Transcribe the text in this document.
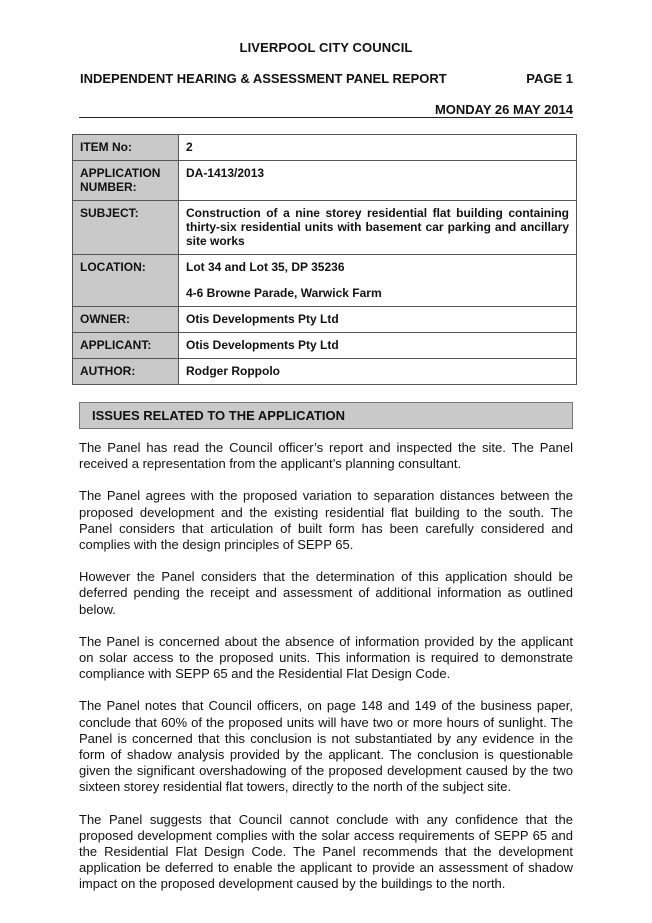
LIVERPOOL CITY COUNCIL
INDEPENDENT HEARING & ASSESSMENT PANEL REPORT	PAGE 1
MONDAY 26 MAY 2014
ITEM No:	2
APPLICATION NUMBER:	DA-1413/2013
SUBJECT:	Construction of a nine storey residential flat building containing thirty-six residential units with basement car parking and ancillary site works
LOCATION:	Lot 34 and Lot 35, DP 35236
4-6 Browne Parade, Warwick Farm

OWNER:	Otis Developments Pty Ltd
APPLICANT:	Otis Developments Pty Ltd
AUTHOR:	Rodger Roppolo
ISSUES RELATED TO THE APPLICATION

The Panel has read the Council officer’s report and inspected the site. The Panel received a representation from the applicant’s planning consultant.

The Panel agrees with the proposed variation to separation distances between the proposed development and the existing residential flat building to the south. The Panel considers that articulation of built form has been carefully considered and complies with the design principles of SEPP 65.

However the Panel considers that the determination of this application should be deferred pending the receipt and assessment of additional information as outlined below.

The Panel is concerned about the absence of information provided by the applicant on solar access to the proposed units. This information is required to demonstrate compliance with SEPP 65 and the Residential Flat Design Code.

The Panel notes that Council officers, on page 148 and 149 of the business paper, conclude that 60% of the proposed units will have two or more hours of sunlight. The Panel is concerned that this conclusion is not substantiated by any evidence in the form of shadow analysis provided by the applicant. The conclusion is questionable given the significant overshadowing of the proposed development caused by the two sixteen storey residential flat towers, directly to the north of the subject site.

The Panel suggests that Council cannot conclude with any confidence that the proposed development complies with the solar access requirements of SEPP 65 and the Residential Flat Design Code. The Panel recommends that the development application be deferred to enable the applicant to provide an assessment of shadow impact on the proposed development caused by the buildings to the north.
